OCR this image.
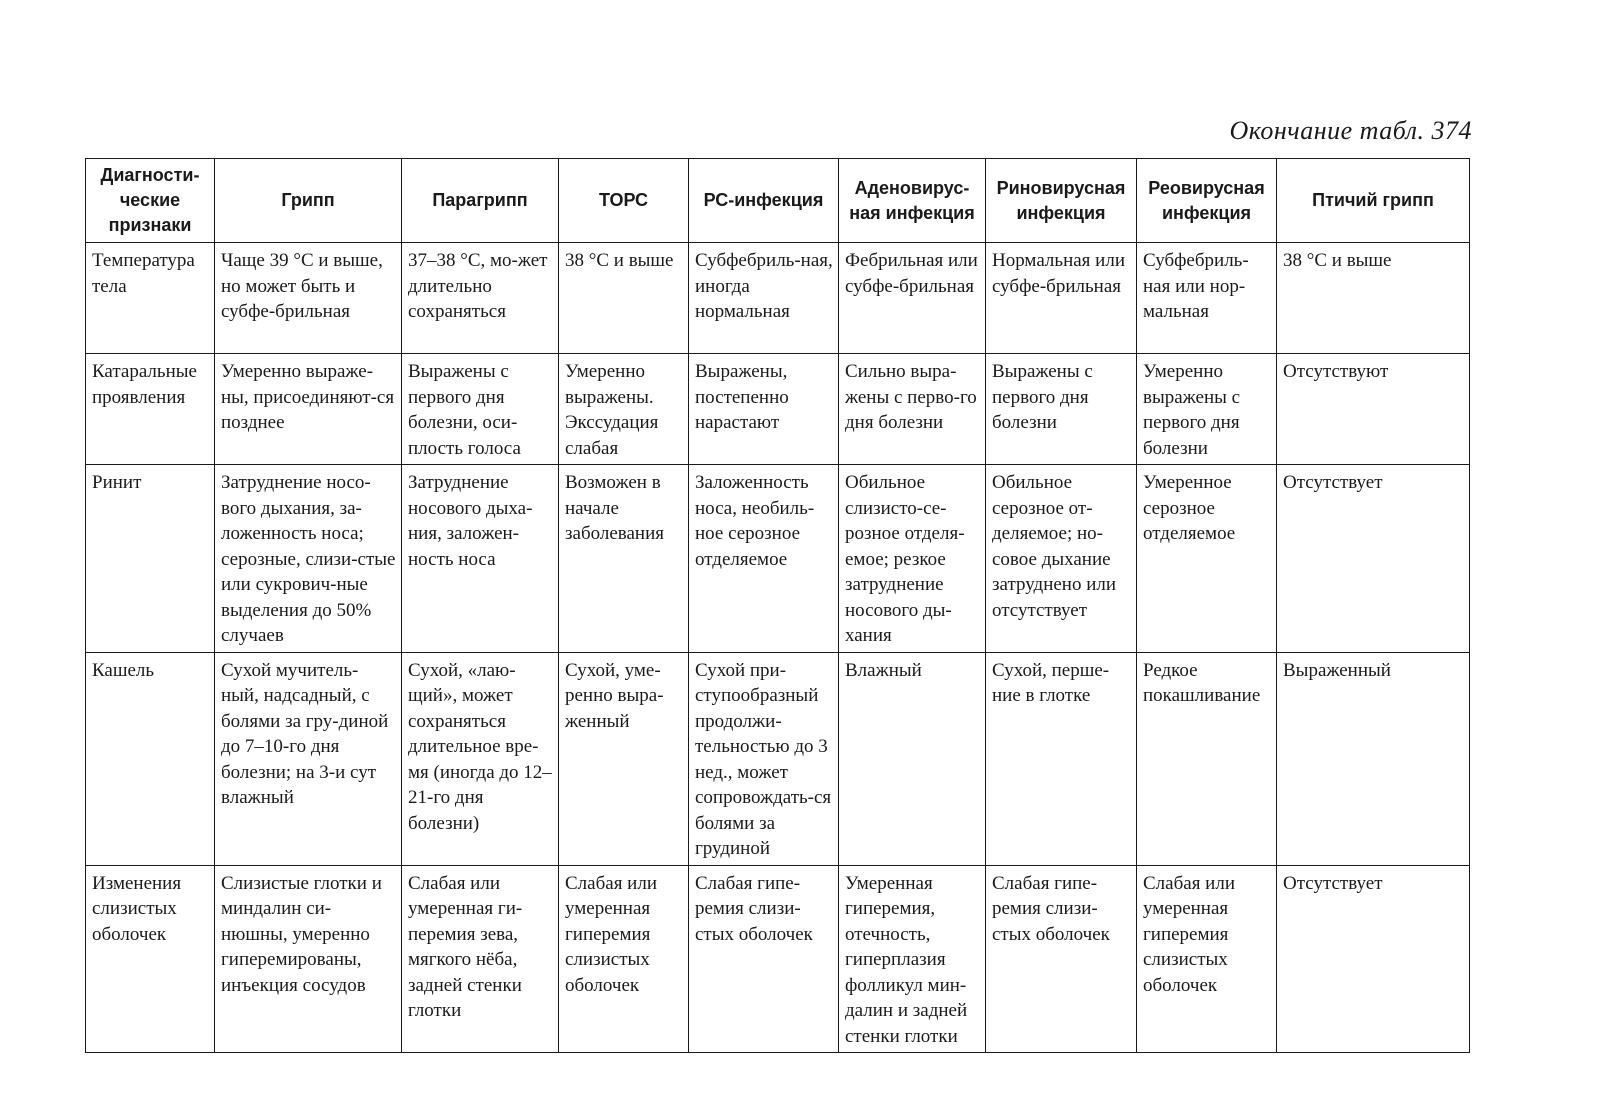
Окончание табл. 374
Диагности-ческие признаки	Грипп	Парагрипп	ТОРС	РС-инфекция	Аденовирус-ная инфекция	Риновирусная инфекция	Реовирусная инфекция	Птичий грипп
Температура тела	Чаще 39 °С и выше, но может быть и субфе-брильная	37–38 °С, мо-жет длительно сохраняться	38 °С и выше	Субфебриль-ная, иногда нормальная	Фебрильная или субфе-брильная	Нормальная или субфе-брильная	Субфебриль-ная или нор-мальная	38 °С и выше
Катаральные проявления	Умеренно выраже-ны, присоединяют-ся позднее	Выражены с первого дня болезни, оси-плость голоса	Умеренно выражены. Экссудация слабая	Выражены, постепенно нарастают	Сильно выра-жены с перво-го дня болезни	Выражены с первого дня болезни	Умеренно выражены с первого дня болезни	Отсутствуют
Ринит	Затруднение носо-вого дыхания, за-ложенность носа; серозные, слизи-стые или сукрович-ные выделения до 50% случаев	Затруднение носового дыха-ния, заложен-ность носа	Возможен в начале заболевания	Заложенность носа, необиль-ное серозное отделяемое	Обильное слизисто-се-розное отделя-емое; резкое затруднение носового ды-хания	Обильное серозное от-деляемое; но-совое дыхание затруднено или отсутствует	Умеренное серозное отделяемое	Отсутствует
Кашель	Сухой мучитель-ный, надсадный, с болями за гру-диной до 7–10-го дня болезни; на 3-и сут влажный	Сухой, «лаю-щий», может сохраняться длительное вре-мя (иногда до 12–21-го дня болезни)	Сухой, уме-ренно выра-женный	Сухой при-ступообразный продолжи-тельностью до 3 нед., может сопровождать-ся болями за грудиной	Влажный	Сухой, перше-ние в глотке	Редкое покашливание	Выраженный
Изменения слизистых оболочек	Слизистые глотки и миндалин си-нюшны, умеренно гиперемированы, инъекция сосудов	Слабая или умеренная ги-перемия зева, мягкого нёба, задней стенки глотки	Слабая или умеренная гиперемия слизистых оболочек	Слабая гипе-ремия слизи-стых оболочек	Умеренная гиперемия, отечность, гиперплазия фолликул мин-далин и задней стенки глотки	Слабая гипе-ремия слизи-стых оболочек	Слабая или умеренная гиперемия слизистых оболочек	Отсутствует
